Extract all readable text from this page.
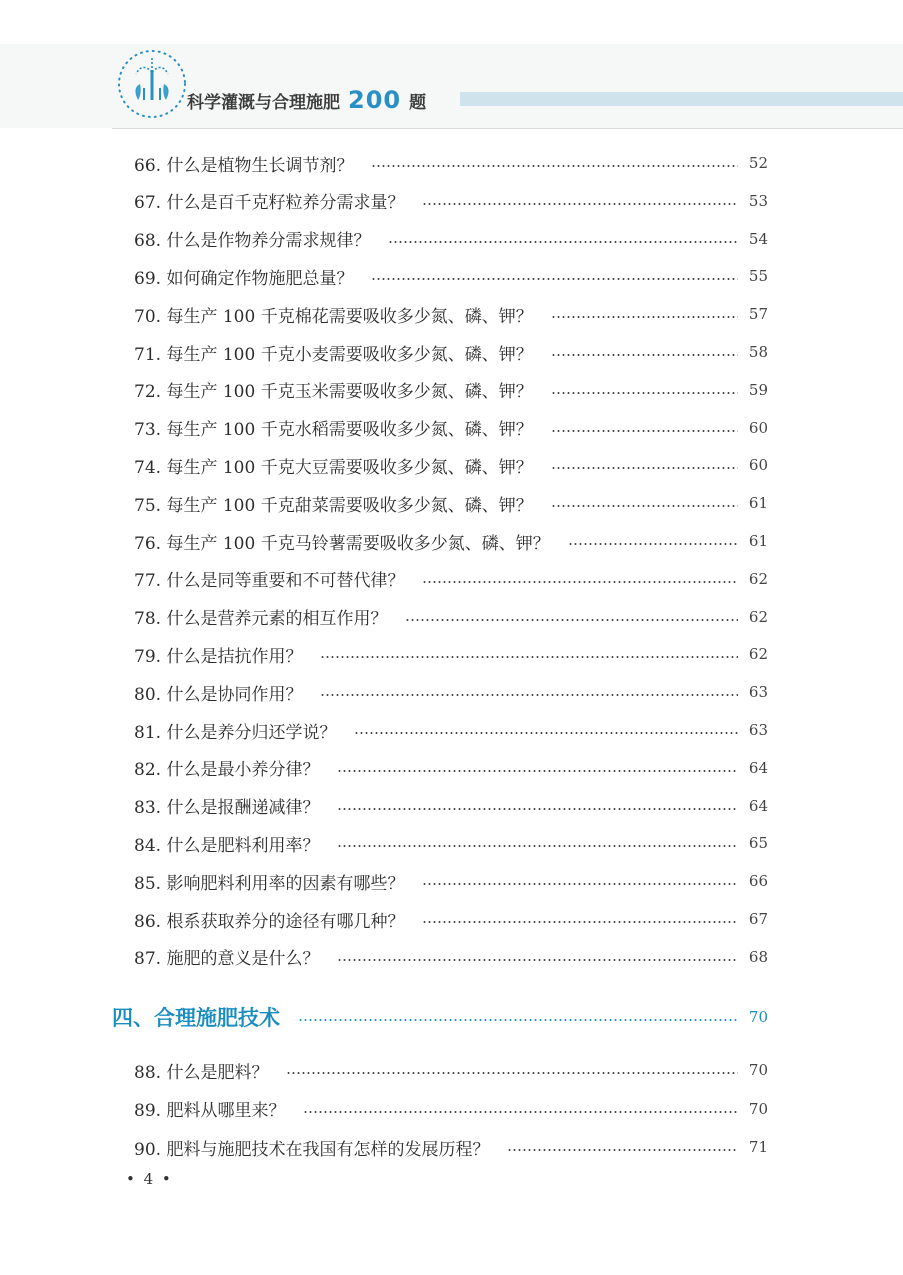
科学灌溉与合理施肥 200 题
66. 什么是植物生长调节剂？	52
67. 什么是百千克籽粒养分需求量？	53
68. 什么是作物养分需求规律？	54
69. 如何确定作物施肥总量？	55
70. 每生产 100 千克棉花需要吸收多少氮、磷、钾？	57
71. 每生产 100 千克小麦需要吸收多少氮、磷、钾？	58
72. 每生产 100 千克玉米需要吸收多少氮、磷、钾？	59
73. 每生产 100 千克水稻需要吸收多少氮、磷、钾？	60
74. 每生产 100 千克大豆需要吸收多少氮、磷、钾？	60
75. 每生产 100 千克甜菜需要吸收多少氮、磷、钾？	61
76. 每生产 100 千克马铃薯需要吸收多少氮、磷、钾？	61
77. 什么是同等重要和不可替代律？	62
78. 什么是营养元素的相互作用？	62
79. 什么是拮抗作用？	62
80. 什么是协同作用？	63
81. 什么是养分归还学说？	63
82. 什么是最小养分律？	64
83. 什么是报酬递减律？	64
84. 什么是肥料利用率？	65
85. 影响肥料利用率的因素有哪些？	66
86. 根系获取养分的途径有哪几种？	67
87. 施肥的意义是什么？	68
四、合理施肥技术	70
88. 什么是肥料？	70
89. 肥料从哪里来？	70
90. 肥料与施肥技术在我国有怎样的发展历程？	71
• 4 •
